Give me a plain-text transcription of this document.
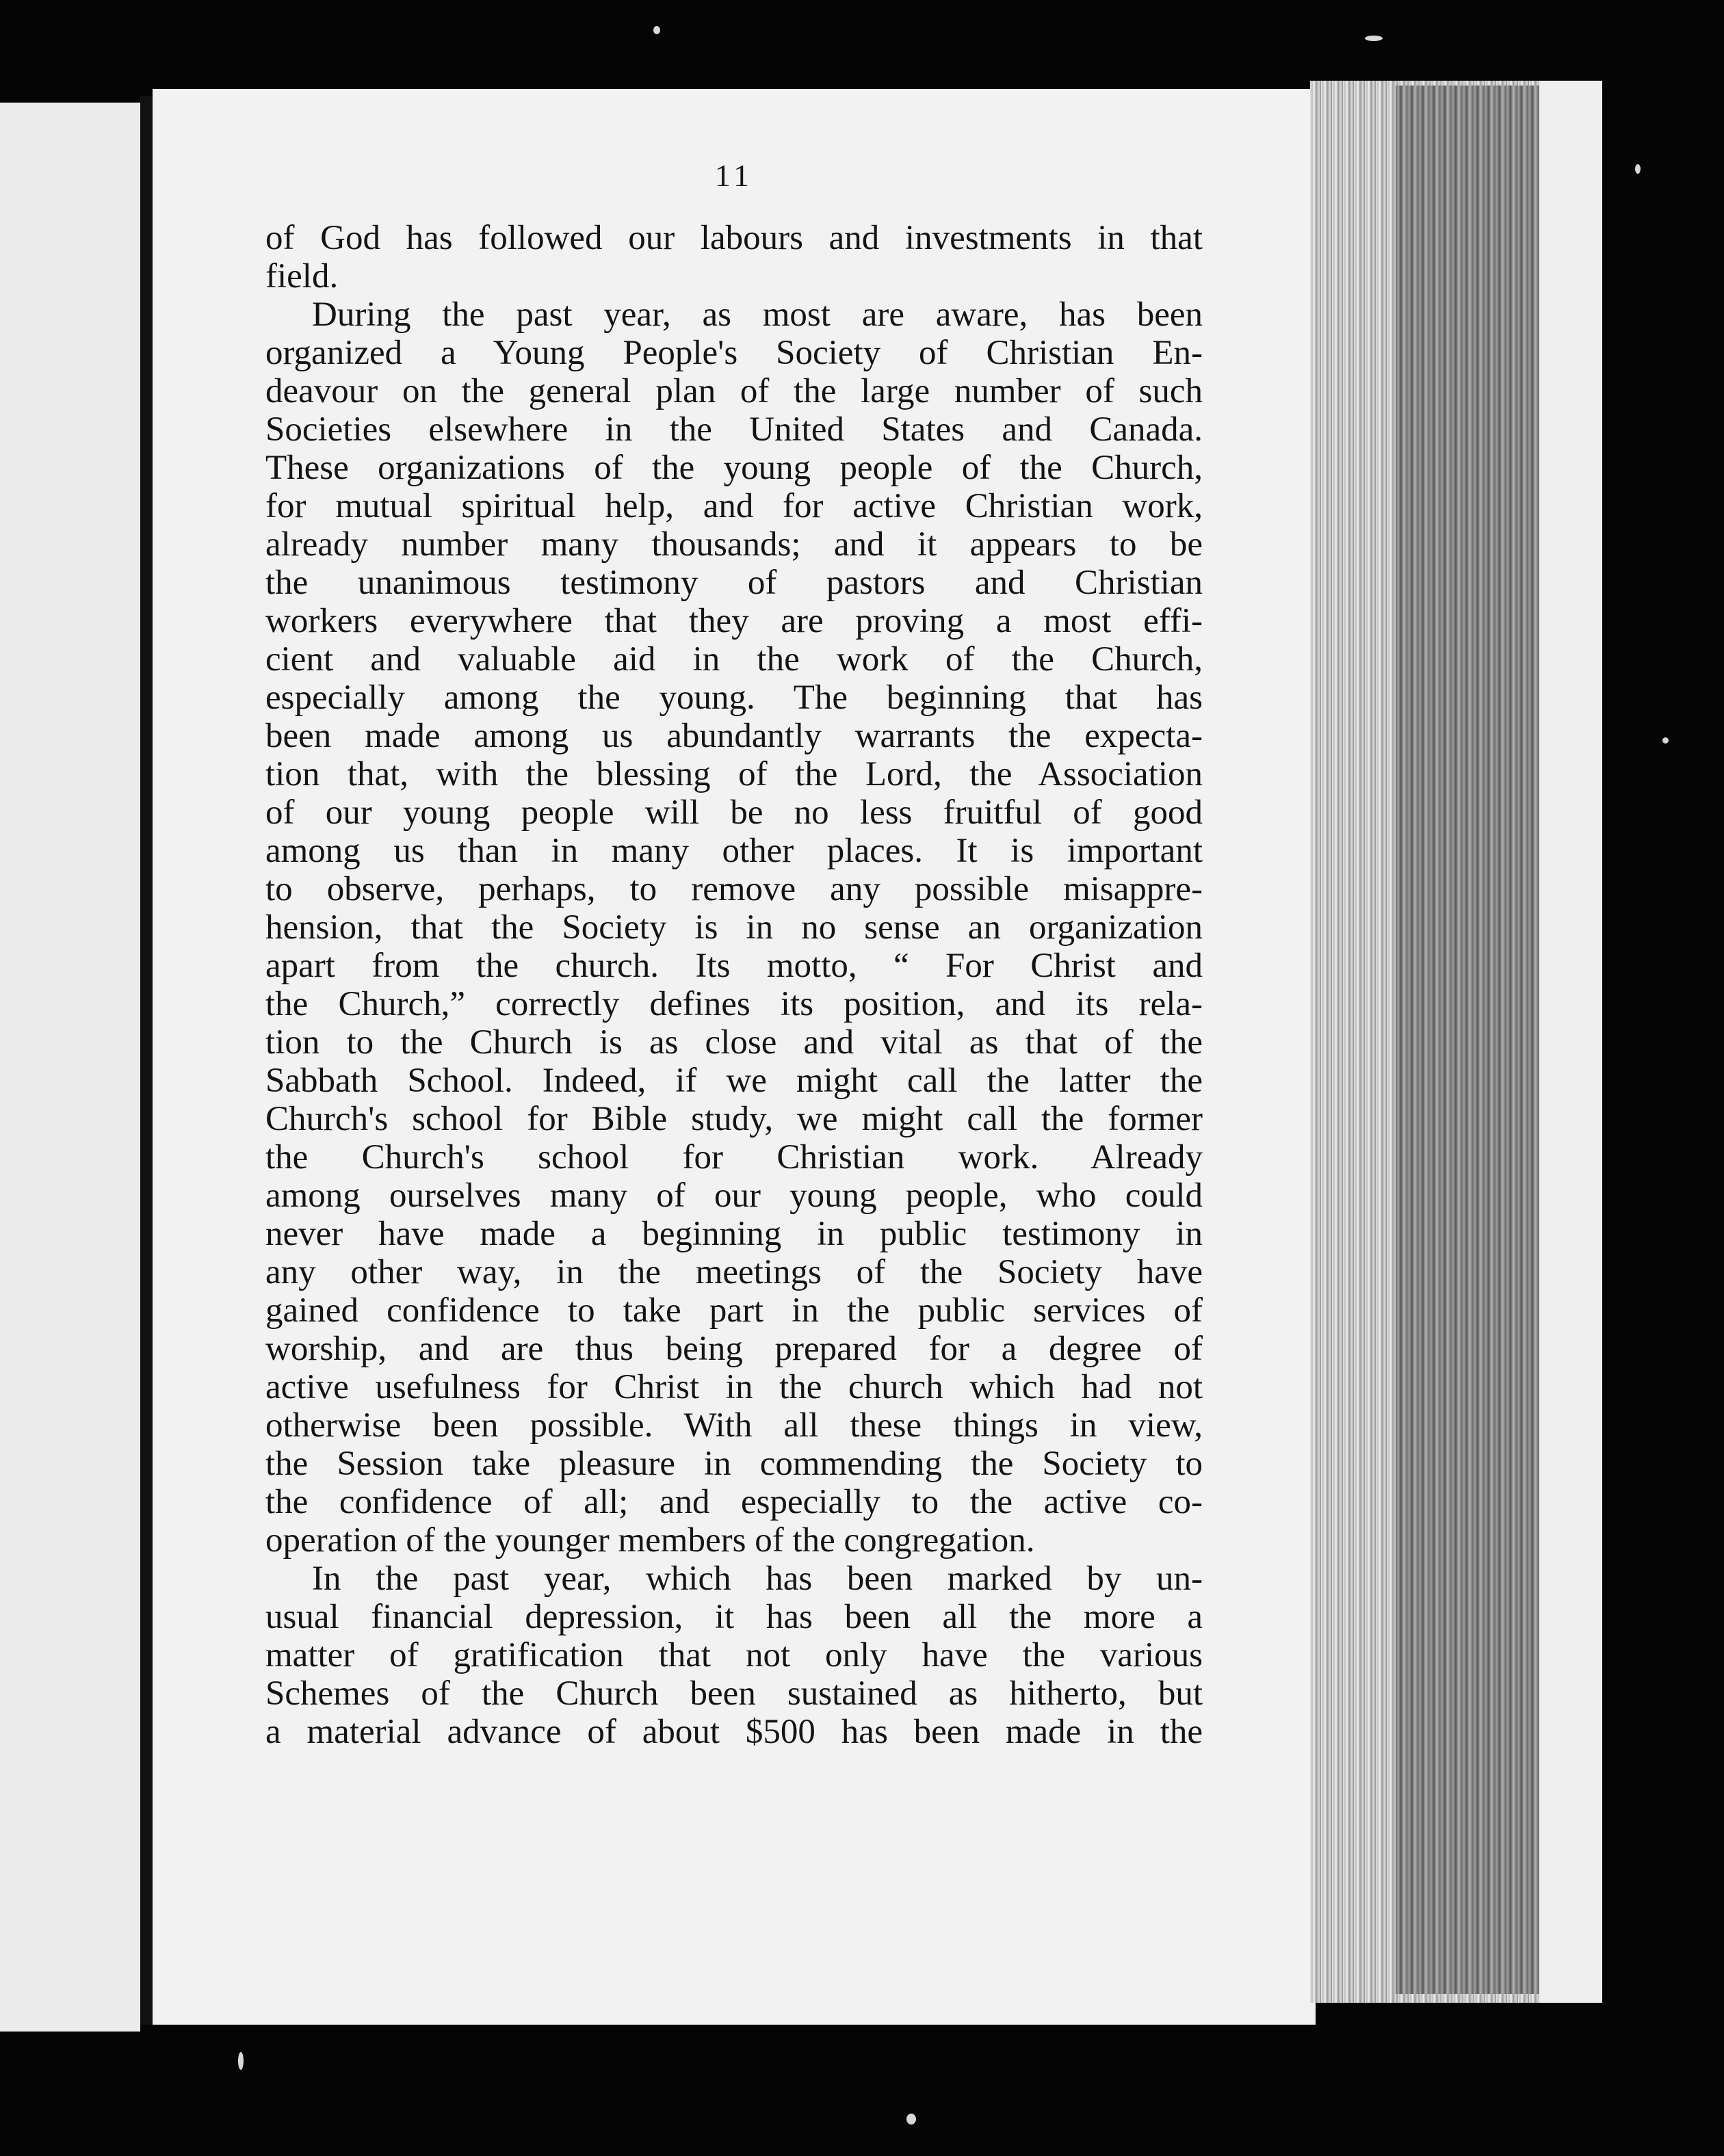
11
of God has followed our labours and investments in that
field.
During the past year, as most are aware, has been
organized a Young People's Society of Christian En-
deavour on the general plan of the large number of such
Societies elsewhere in the United States and Canada.
These organizations of the young people of the Church,
for mutual spiritual help, and for active Christian work,
already number many thousands; and it appears to be
the unanimous testimony of pastors and Christian
workers everywhere that they are proving a most effi-
cient and valuable aid in the work of the Church,
especially among the young. The beginning that has
been made among us abundantly warrants the expecta-
tion that, with the blessing of the Lord, the Association
of our young people will be no less fruitful of good
among us than in many other places. It is important
to observe, perhaps, to remove any possible misappre-
hension, that the Society is in no sense an organization
apart from the church. Its motto, “ For Christ and
the Church,” correctly defines its position, and its rela-
tion to the Church is as close and vital as that of the
Sabbath School. Indeed, if we might call the latter the
Church's school for Bible study, we might call the former
the Church's school for Christian work. Already
among ourselves many of our young people, who could
never have made a beginning in public testimony in
any other way, in the meetings of the Society have
gained confidence to take part in the public services of
worship, and are thus being prepared for a degree of
active usefulness for Christ in the church which had not
otherwise been possible. With all these things in view,
the Session take pleasure in commending the Society to
the confidence of all; and especially to the active co-
operation of the younger members of the congregation.
In the past year, which has been marked by un-
usual financial depression, it has been all the more a
matter of gratification that not only have the various
Schemes of the Church been sustained as hitherto, but
a material advance of about $500 has been made in the
